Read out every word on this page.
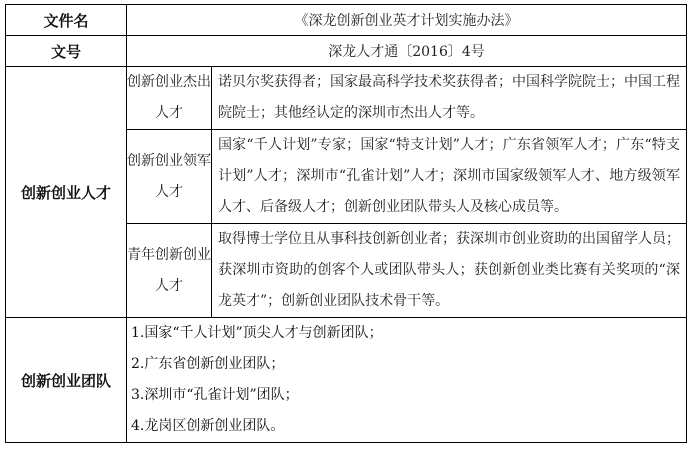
文件名	《深龙创新创业英才计划实施办法》	
文号	深龙人才通〔2016〕4号	
创新创业人才	创新创业杰出人才	诺贝尔奖获得者；国家最高科学技术奖获得者；中国科学院院士；中国工程院院士；其他经认定的深圳市杰出人才等。
	创新创业领军人才	国家“千人计划”专家；国家“特支计划”人才；广东省领军人才；广东“特支计划”人才；深圳市“孔雀计划”人才；深圳市国家级领军人才、地方级领军人才、后备级人才；创新创业团队带头人及核心成员等。
	青年创新创业人才	取得博士学位且从事科技创新创业者；获深圳市创业资助的出国留学人员；获深圳市资助的创客个人或团队带头人；获创新创业类比赛有关奖项的“深龙英才”；创新创业团队技术骨干等。
创新创业团队	1.国家“千人计划”顶尖人才与创新团队；
2.广东省创新创业团队；
3.深圳市“孔雀计划”团队；
4.龙岗区创新创业团队。	
